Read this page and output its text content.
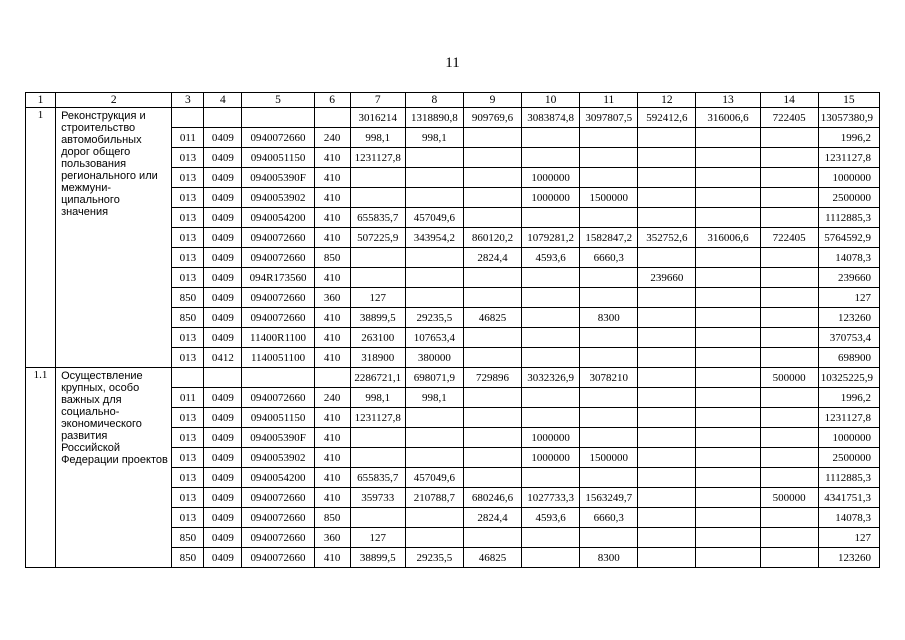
11
1	2	3	4	5	6	7	8	9	10	11	12	13	14	15
1	Реконструкция и строительство автомобильных дорог общего пользования регионального или межмуни-ципального значения					3016214	1318890,8	909769,6	3083874,8	3097807,5	592412,6	316006,6	722405	13057380,9
		011	0409	0940072660	240	998,1	998,1							1996,2
		013	0409	0940051150	410	1231127,8								1231127,8
		013	0409	094005390F	410				1000000					1000000
		013	0409	0940053902	410				1000000	1500000				2500000
		013	0409	0940054200	410	655835,7	457049,6							1112885,3
		013	0409	0940072660	410	507225,9	343954,2	860120,2	1079281,2	1582847,2	352752,6	316006,6	722405	5764592,9
		013	0409	0940072660	850			2824,4	4593,6	6660,3				14078,3
		013	0409	094R173560	410						239660			239660
		850	0409	0940072660	360	127								127
		850	0409	0940072660	410	38899,5	29235,5	46825		8300				123260
		013	0409	11400R1100	410	263100	107653,4							370753,4
		013	0412	1140051100	410	318900	380000							698900
1.1	Осуществление крупных, особо важных для социально-экономического развития Российской Федерации проектов					2286721,1	698071,9	729896	3032326,9	3078210			500000	10325225,9
		011	0409	0940072660	240	998,1	998,1							1996,2
		013	0409	0940051150	410	1231127,8								1231127,8
		013	0409	094005390F	410				1000000					1000000
		013	0409	0940053902	410				1000000	1500000				2500000
		013	0409	0940054200	410	655835,7	457049,6							1112885,3
		013	0409	0940072660	410	359733	210788,7	680246,6	1027733,3	1563249,7			500000	4341751,3
		013	0409	0940072660	850			2824,4	4593,6	6660,3				14078,3
		850	0409	0940072660	360	127								127
		850	0409	0940072660	410	38899,5	29235,5	46825		8300				123260
